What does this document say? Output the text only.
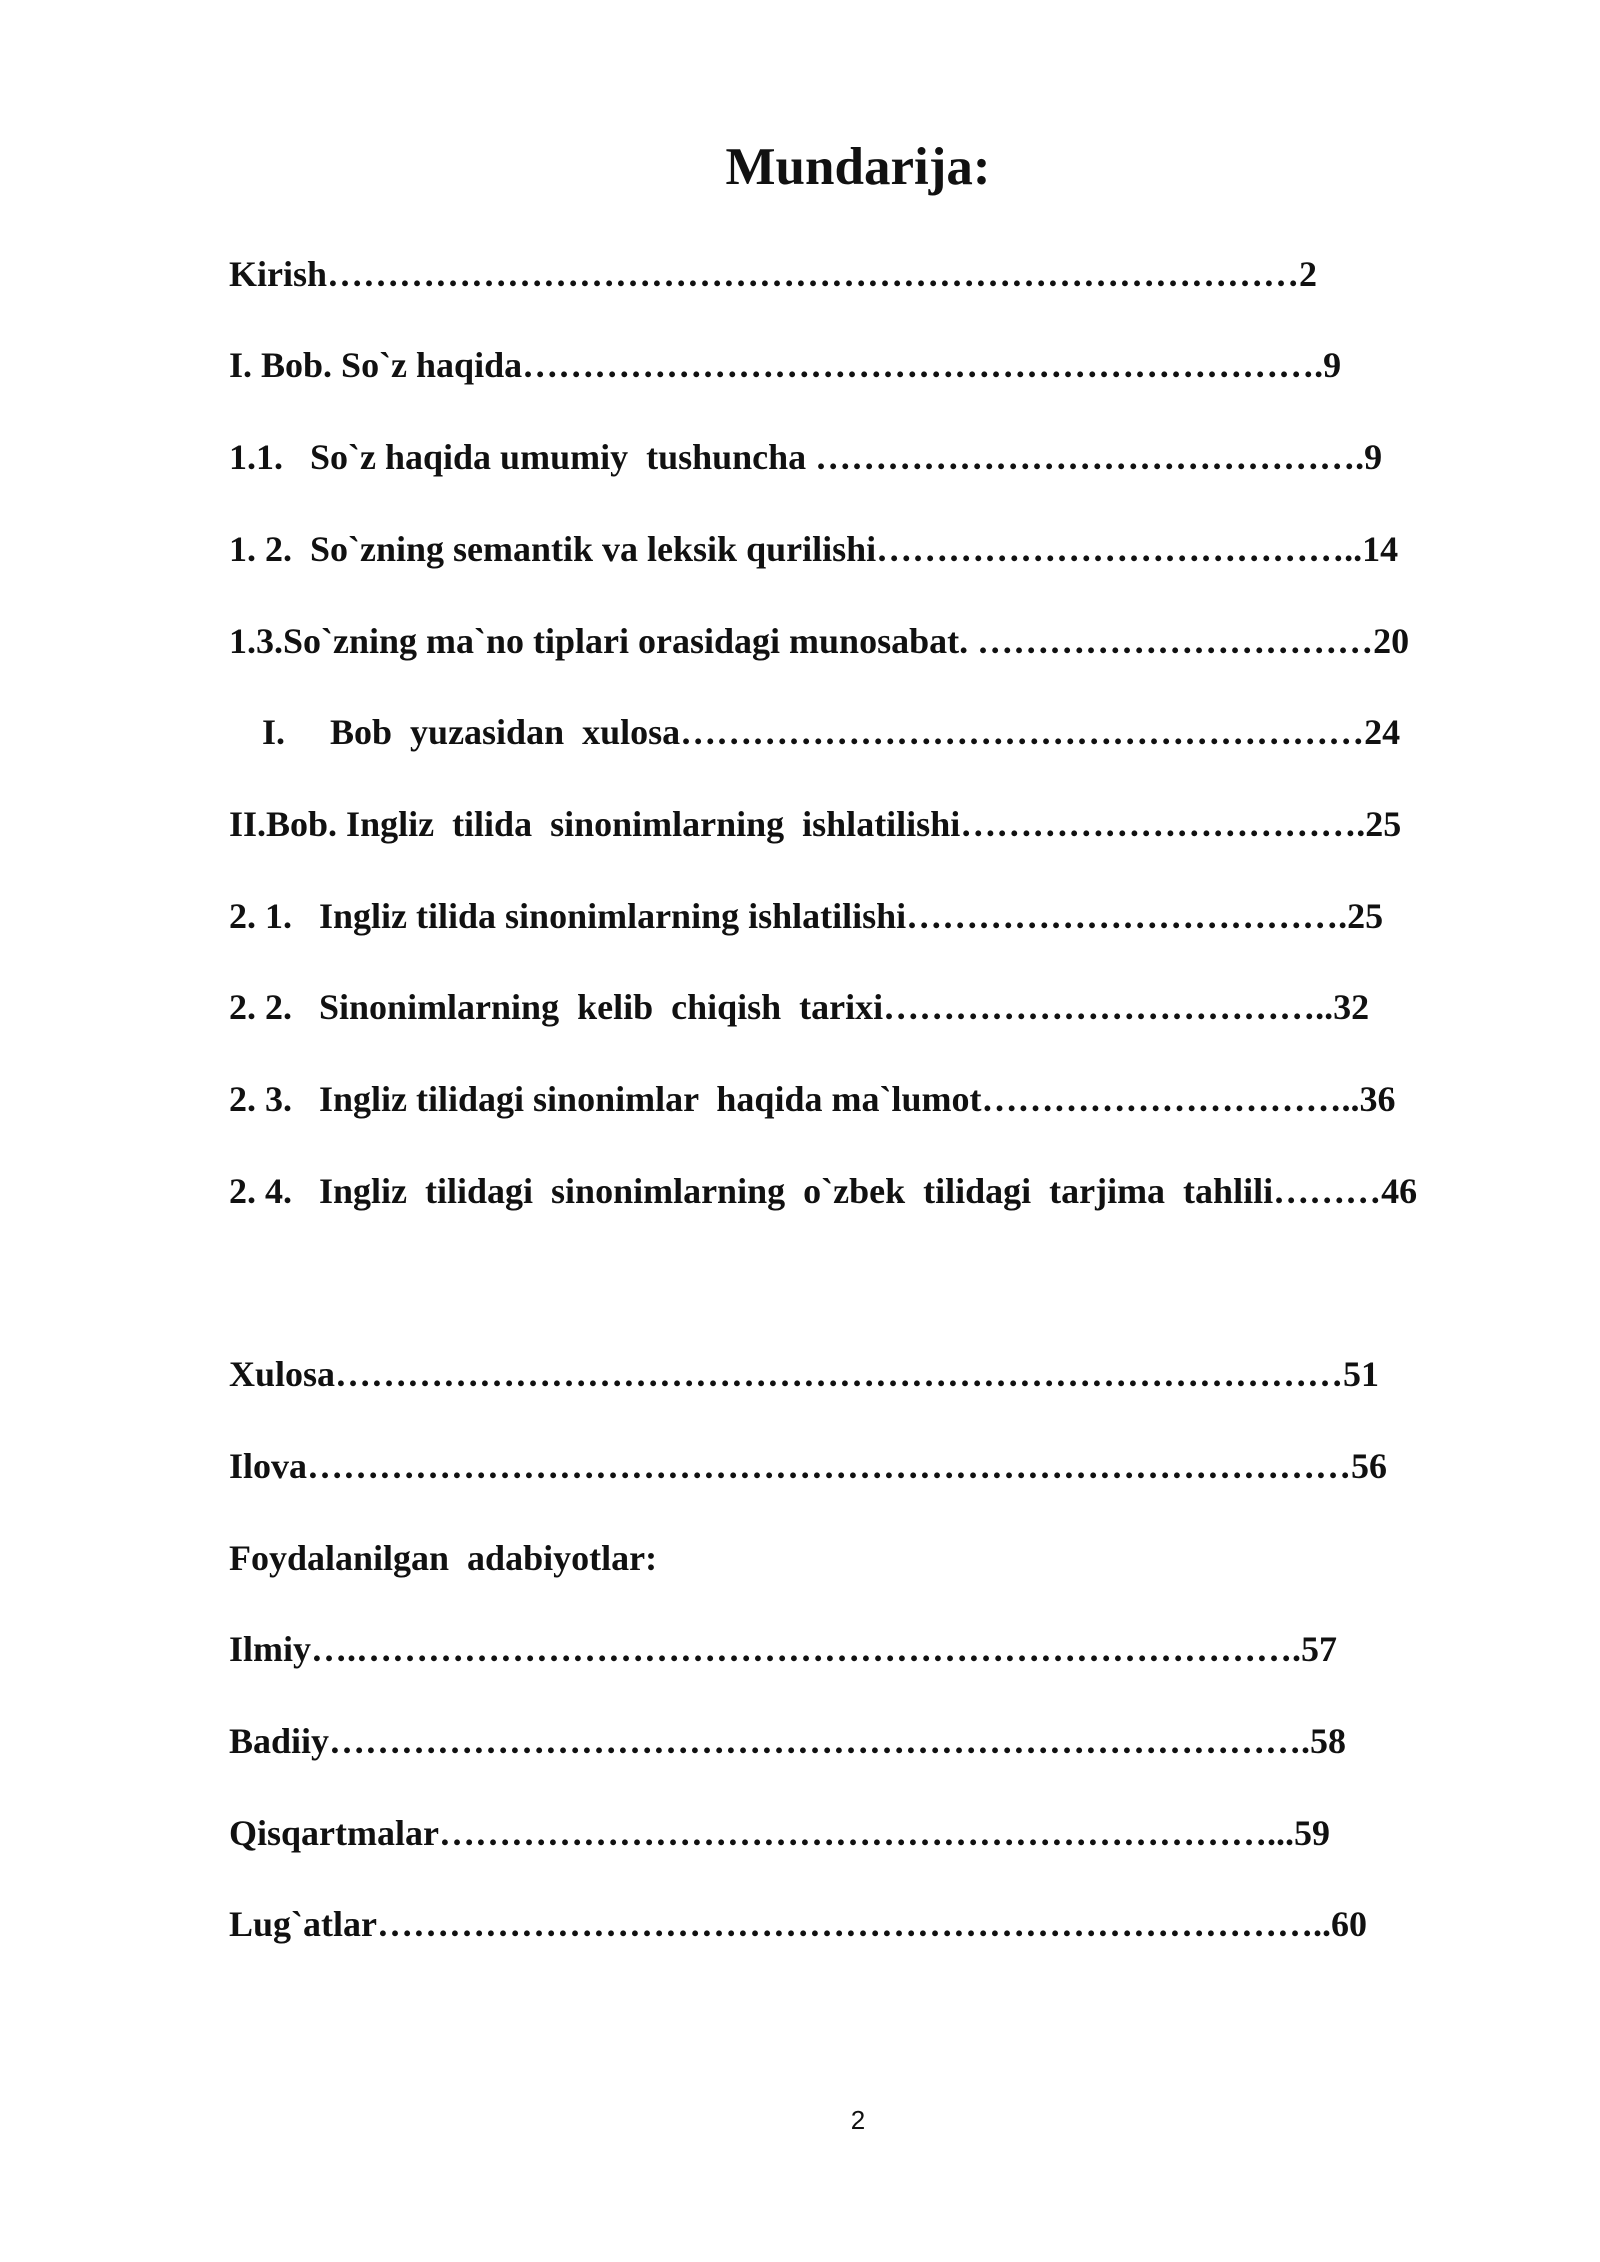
Mundarija:
Kirish………………………………………………………………………2
I. Bob. So`z haqida………………………………………………………….9
1.1.   So`z haqida umumiy  tushuncha ……………………………………….9
1. 2.  So`zning semantik va leksik qurilishi…………………………………..14
1.3.So`zning ma`no tiplari orasidagi munosabat. ……………………………20
I.     Bob  yuzasidan  xulosa…………………………………………………24
II.Bob. Ingliz  tilida  sinonimlarning  ishlatilishi…………………………….25
2. 1.   Ingliz tilida sinonimlarning ishlatilishi……………………………….25
2. 2.   Sinonimlarning  kelib  chiqish  tarixi………………………………..32
2. 3.   Ingliz tilidagi sinonimlar  haqida ma`lumot…………………………..36
2. 4.   Ingliz  tilidagi  sinonimlarning  o`zbek  tilidagi  tarjima  tahlili………46
Xulosa…………………………………………………………………………51
Ilova……………………………………………………………………………56
Foydalanilgan  adabiyotlar:
Ilmiy….…………………………………………………………………….57
Badiiy……………………………………………………………………….58
Qisqartmalar……………………………………………………………...59
Lug`atlar……………………………………………………………………..60
2
